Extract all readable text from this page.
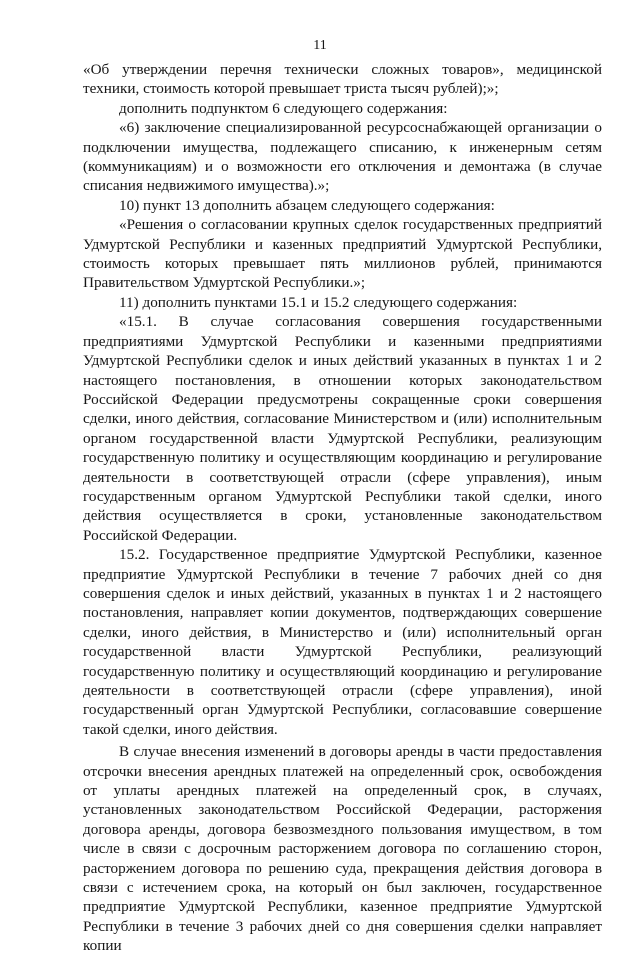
11

«Об утверждении перечня технически сложных товаров», медицинской техники, стоимость которой превышает триста тысяч рублей);»;

дополнить подпунктом 6 следующего содержания:

«6) заключение специализированной ресурсоснабжающей организации о подключении имущества, подлежащего списанию, к инженерным сетям (коммуникациям) и о возможности его отключения и демонтажа (в случае списания недвижимого имущества).»;

10) пункт 13 дополнить абзацем следующего содержания:

«Решения о согласовании крупных сделок государственных предприятий Удмуртской Республики и казенных предприятий Удмуртской Республики, стоимость которых превышает пять миллионов рублей, принимаются Правительством Удмуртской Республики.»;

11) дополнить пунктами 15.1 и 15.2 следующего содержания:

«15.1. В случае согласования совершения государственными предприятиями Удмуртской Республики и казенными предприятиями Удмуртской Республики сделок и иных действий указанных в пунктах 1 и 2 настоящего постановления, в отношении которых законодательством Российской Федерации предусмотрены сокращенные сроки совершения сделки, иного действия, согласование Министерством и (или) исполнительным органом государственной власти Удмуртской Республики, реализующим государственную политику и осуществляющим координацию и регулирование деятельности в соответствующей отрасли (сфере управления), иным государственным органом Удмуртской Республики такой сделки, иного действия осуществляется в сроки, установленные законодательством Российской Федерации.

15.2. Государственное предприятие Удмуртской Республики, казенное предприятие Удмуртской Республики в течение 7 рабочих дней со дня совершения сделок и иных действий, указанных в пунктах 1 и 2 настоящего постановления, направляет копии документов, подтверждающих совершение сделки, иного действия, в Министерство и (или) исполнительный орган государственной власти Удмуртской Республики, реализующий государственную политику и осуществляющий координацию и регулирование деятельности в соответствующей отрасли (сфере управления), иной государственный орган Удмуртской Республики, согласовавшие совершение такой сделки, иного действия.

В случае внесения изменений в договоры аренды в части предоставления отсрочки внесения арендных платежей на определенный срок, освобождения от уплаты арендных платежей на определенный срок, в случаях, установленных законодательством Российской Федерации, расторжения договора аренды, договора безвозмездного пользования имуществом, в том числе в связи с досрочным расторжением договора по соглашению сторон, расторжением договора по решению суда, прекращения действия договора в связи с истечением срока, на который он был заключен, государственное предприятие Удмуртской Республики, казенное предприятие Удмуртской Республики в течение 3 рабочих дней со дня совершения сделки направляет копии
